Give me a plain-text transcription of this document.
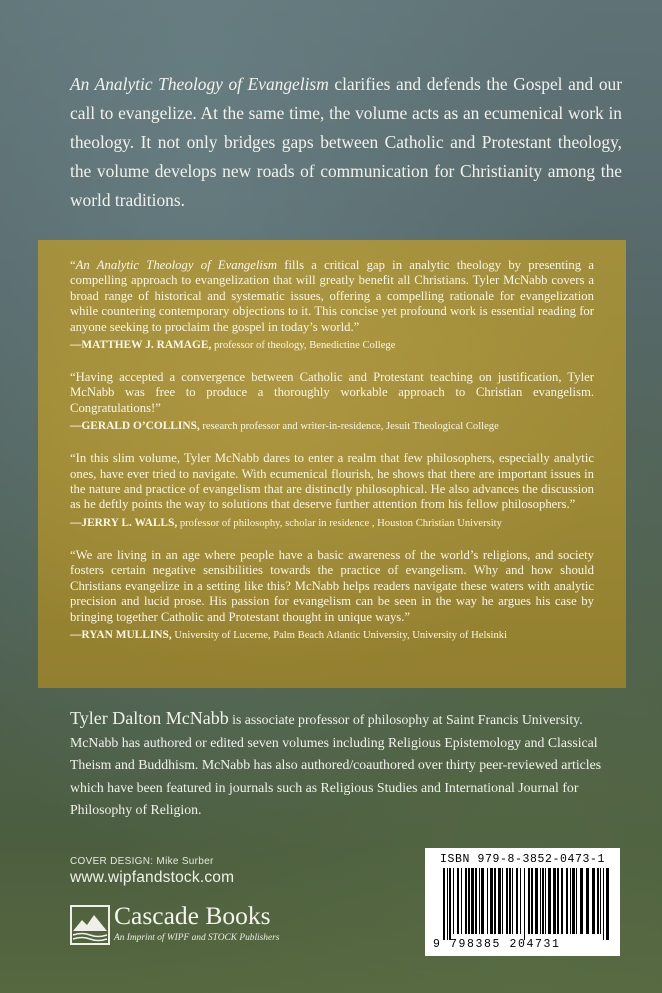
An Analytic Theology of Evangelism clarifies and defends the Gospel and our call to evangelize. At the same time, the volume acts as an ecumenical work in theology. It not only bridges gaps between Catholic and Protestant theology, the volume develops new roads of communication for Christianity among the world traditions.

“An Analytic Theology of Evangelism fills a critical gap in analytic theology by presenting a compelling approach to evangelization that will greatly benefit all Christians. Tyler McNabb covers a broad range of historical and systematic issues, offering a compelling rationale for evangelization while countering contemporary objections to it. This concise yet profound work is essential reading for anyone seeking to proclaim the gospel in today’s world.”

—MATTHEW J. RAMAGE, professor of theology, Benedictine College

“Having accepted a convergence between Catholic and Protestant teaching on justification, Tyler McNabb was free to produce a thoroughly workable approach to Christian evangelism. Congratulations!”

—GERALD O’COLLINS, research professor and writer-in-residence, Jesuit Theological College

“In this slim volume, Tyler McNabb dares to enter a realm that few philosophers, especially analytic ones, have ever tried to navigate. With ecumenical flourish, he shows that there are important issues in the nature and practice of evangelism that are distinctly philosophical. He also advances the discussion as he deftly points the way to solutions that deserve further attention from his fellow philosophers.”

—JERRY L. WALLS, professor of philosophy, scholar in residence , Houston Christian University

“We are living in an age where people have a basic awareness of the world’s religions, and society fosters certain negative sensibilities towards the practice of evangelism. Why and how should Christians evangelize in a setting like this? McNabb helps readers navigate these waters with analytic precision and lucid prose. His passion for evangelism can be seen in the way he argues his case by bringing together Catholic and Protestant thought in unique ways.”

—RYAN MULLINS, University of Lucerne, Palm Beach Atlantic University, University of Helsinki

Tyler Dalton McNabb is associate professor of philosophy at Saint Francis University. McNabb has authored or edited seven volumes including Religious Epistemology and Classical Theism and Buddhism. McNabb has also authored/coauthored over thirty peer-reviewed articles which have been featured in journals such as Religious Studies and International Journal for Philosophy of Religion.
COVER DESIGN: Mike Surber
www.wipfandstock.com
Cascade Books
An Imprint of WIPF and STOCK Publishers
ISBN 979-8-3852-0473-1
9 798385 204731
